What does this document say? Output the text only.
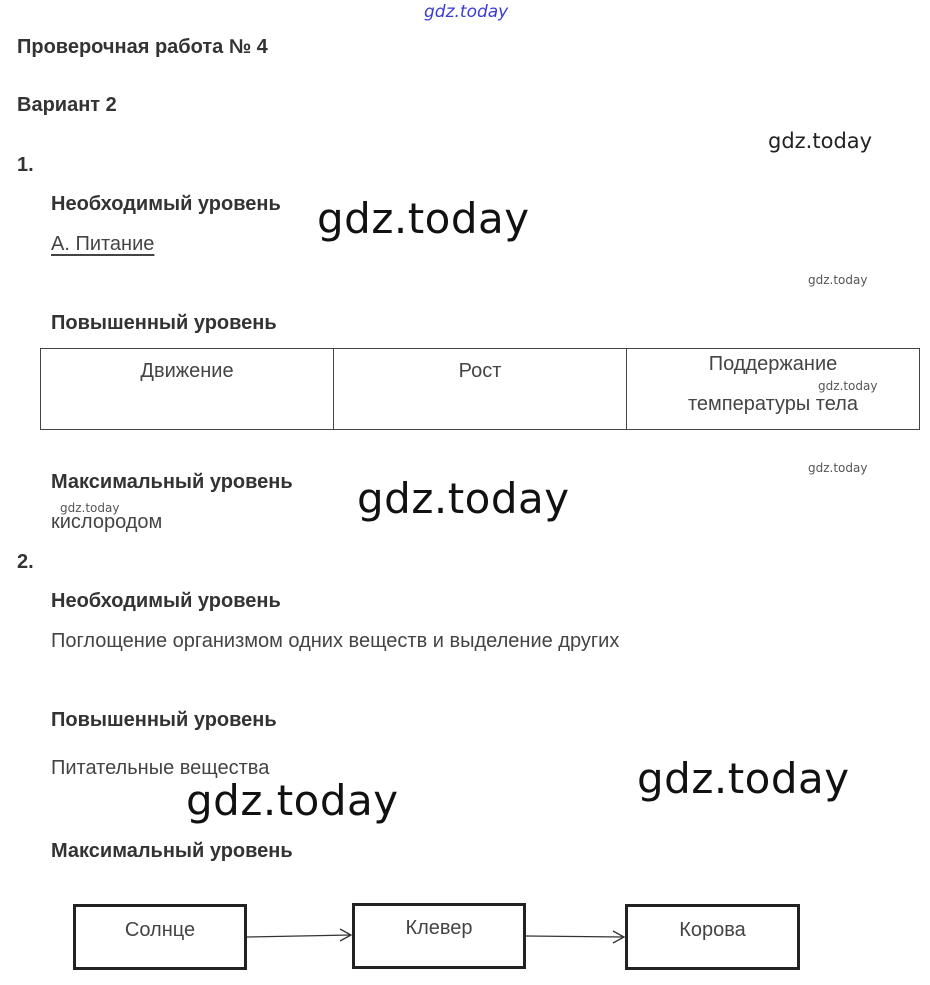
gdz.today
Проверочная работа № 4
Вариант 2
gdz.today
1.
Необходимый уровень gdz.today
А. Питание
gdz.today
Повышенный уровень
Движение	Рост	Поддержание

gdz.today
температуры тела
gdz.today
Максимальный уровень gdz.today
gdz.today
кислородом
2.
Необходимый уровень
Поглощение организмом одних веществ и выделение других
Повышенный уровень
Питательные вещества	gdz.today
gdz.today
Максимальный уровень
Солнце	Клевер	Корова
